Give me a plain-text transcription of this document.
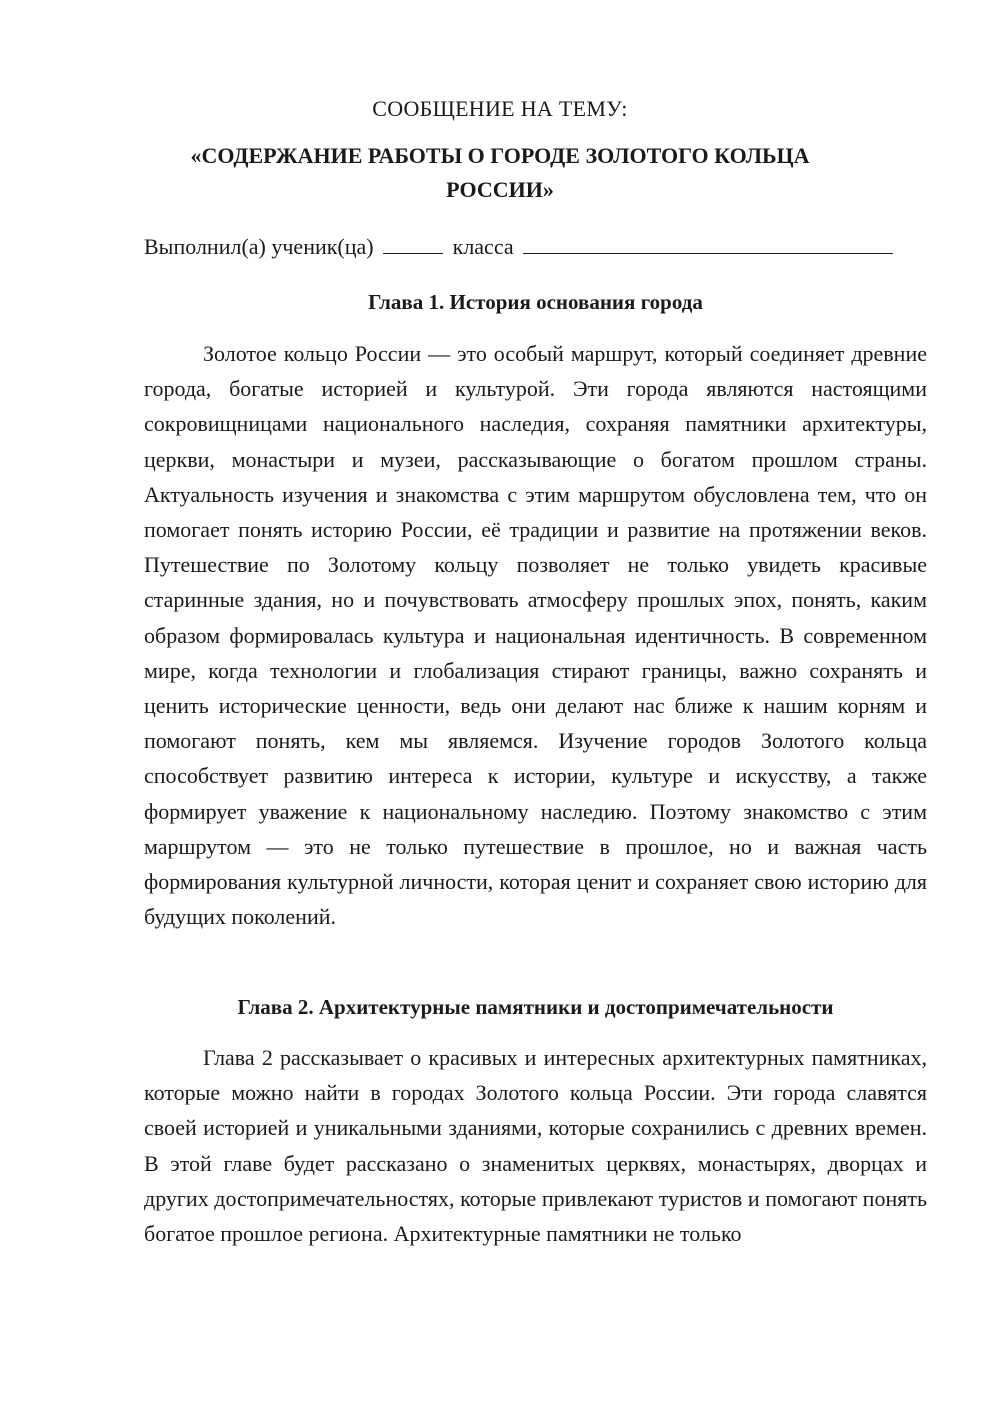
СООБЩЕНИЕ НА ТЕМУ:
«СОДЕРЖАНИЕ РАБОТЫ О ГОРОДЕ ЗОЛОТОГО КОЛЬЦА
РОССИИ»
Выполнил(а) ученик(ца)	класса
Глава 1. История основания города

Золотое кольцо России — это особый маршрут, который соединяет древние города, богатые историей и культурой. Эти города являются настоящими сокровищницами национального наследия, сохраняя памятники архитектуры, церкви, монастыри и музеи, рассказывающие о богатом прошлом страны. Актуальность изучения и знакомства с этим маршрутом обусловлена тем, что он помогает понять историю России, её традиции и развитие на протяжении веков. Путешествие по Золотому кольцу позволяет не только увидеть красивые старинные здания, но и почувствовать атмосферу прошлых эпох, понять, каким образом формировалась культура и национальная идентичность. В современном мире, когда технологии и глобализация стирают границы, важно сохранять и ценить исторические ценности, ведь они делают нас ближе к нашим корням и помогают понять, кем мы являемся. Изучение городов Золотого кольца способствует развитию интереса к истории, культуре и искусству, а также формирует уважение к национальному наследию. Поэтому знакомство с этим маршрутом — это не только путешествие в прошлое, но и важная часть формирования культурной личности, которая ценит и сохраняет свою историю для будущих поколений.

Глава 2. Архитектурные памятники и достопримечательности

Глава 2 рассказывает о красивых и интересных архитектурных памятниках, которые можно найти в городах Золотого кольца России. Эти города славятся своей историей и уникальными зданиями, которые сохранились с древних времен. В этой главе будет рассказано о знаменитых церквях, монастырях, дворцах и других достопримечательностях, которые привлекают туристов и помогают понять богатое прошлое региона. Архитектурные памятники не только
